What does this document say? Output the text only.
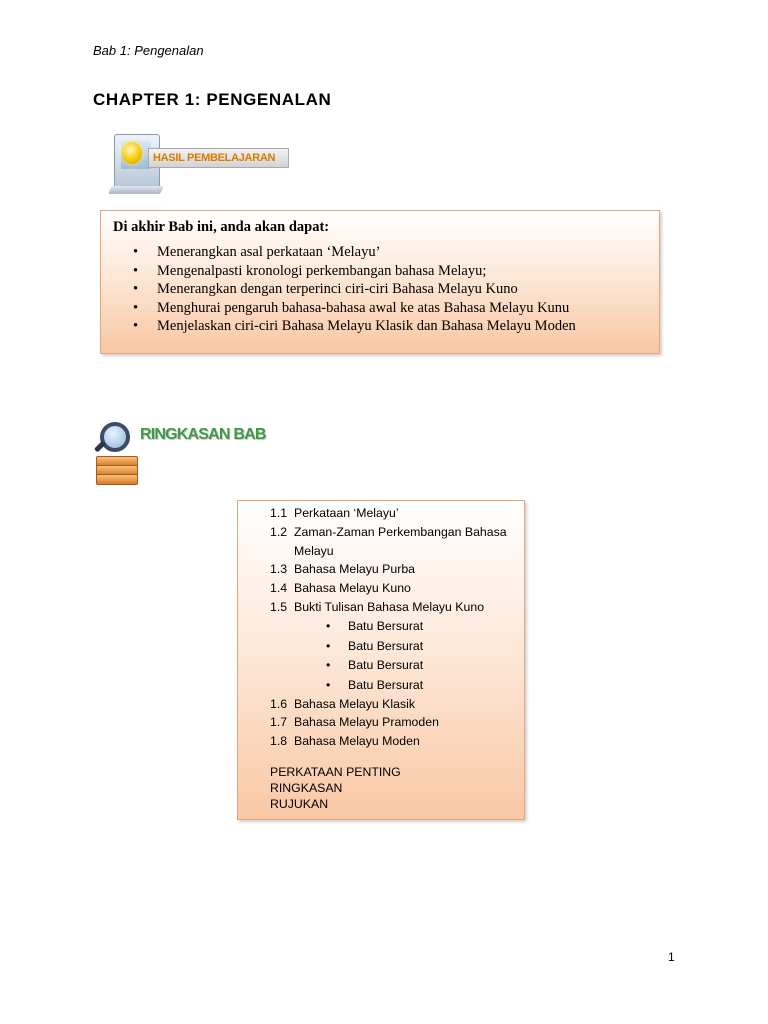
Bab 1: Pengenalan
CHAPTER 1: PENGENALAN
HASIL PEMBELAJARAN
Di akhir Bab ini, anda akan dapat:
• Menerangkan asal perkataan ‘Melayu’
• Mengenalpasti kronologi perkembangan bahasa Melayu;
• Menerangkan dengan terperinci ciri-ciri Bahasa Melayu Kuno
• Menghurai pengaruh bahasa-bahasa awal ke atas Bahasa Melayu Kunu
• Menjelaskan ciri-ciri Bahasa Melayu Klasik dan Bahasa Melayu Moden
RINGKASAN BAB
1.1 Perkataan ‘Melayu’
1.2 Zaman-Zaman Perkembangan Bahasa
Melayu
1.3 Bahasa Melayu Purba
1.4 Bahasa Melayu Kuno
1.5 Bukti Tulisan Bahasa Melayu Kuno
• Batu Bersurat
• Batu Bersurat
• Batu Bersurat
• Batu Bersurat
1.6 Bahasa Melayu Klasik
1.7 Bahasa Melayu Pramoden
1.8 Bahasa Melayu Moden
PERKATAAN PENTING
RINGKASAN
RUJUKAN
1
